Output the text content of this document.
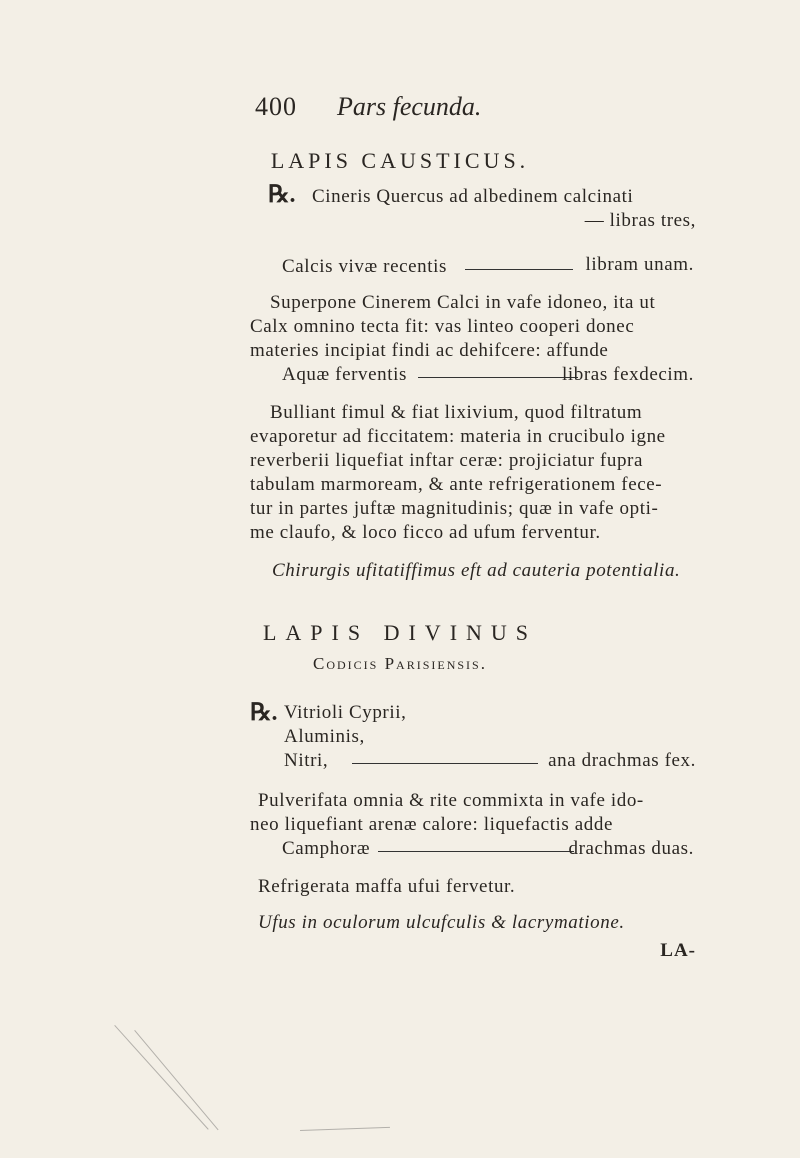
400 Pars fecunda.
LAPIS CAUSTICUS.
℞. Cineris Quercus ad albedinem calcinati
— libras tres,
Calcis vivæ recentis	libram unam.
Superpone Cinerem Calci in vafe idoneo, ita ut
Calx omnino tecta fit: vas linteo cooperi donec
materies incipiat findi ac dehifcere: affunde
Aquæ ferventis	libras fexdecim.
Bulliant fimul & fiat lixivium, quod filtratum
evaporetur ad ficcitatem: materia in crucibulo igne
reverberii liquefiat inftar ceræ: projiciatur fupra
tabulam marmoream, & ante refrigerationem fece-
tur in partes juftæ magnitudinis; quæ in vafe opti-
me claufo, & loco ficco ad ufum ferventur.
Chirurgis ufitatiffimus eft ad cauteria potentialia.
LAPIS DIVINUS
Codicis Parisiensis.
℞. Vitrioli Cyprii,
Aluminis,
Nitri,	ana drachmas fex.
Pulverifata omnia & rite commixta in vafe ido-
neo liquefiant arenæ calore: liquefactis adde
Camphoræ	drachmas duas.
Refrigerata maffa ufui fervetur.
Ufus in oculorum ulcufculis & lacrymatione.
LA-
